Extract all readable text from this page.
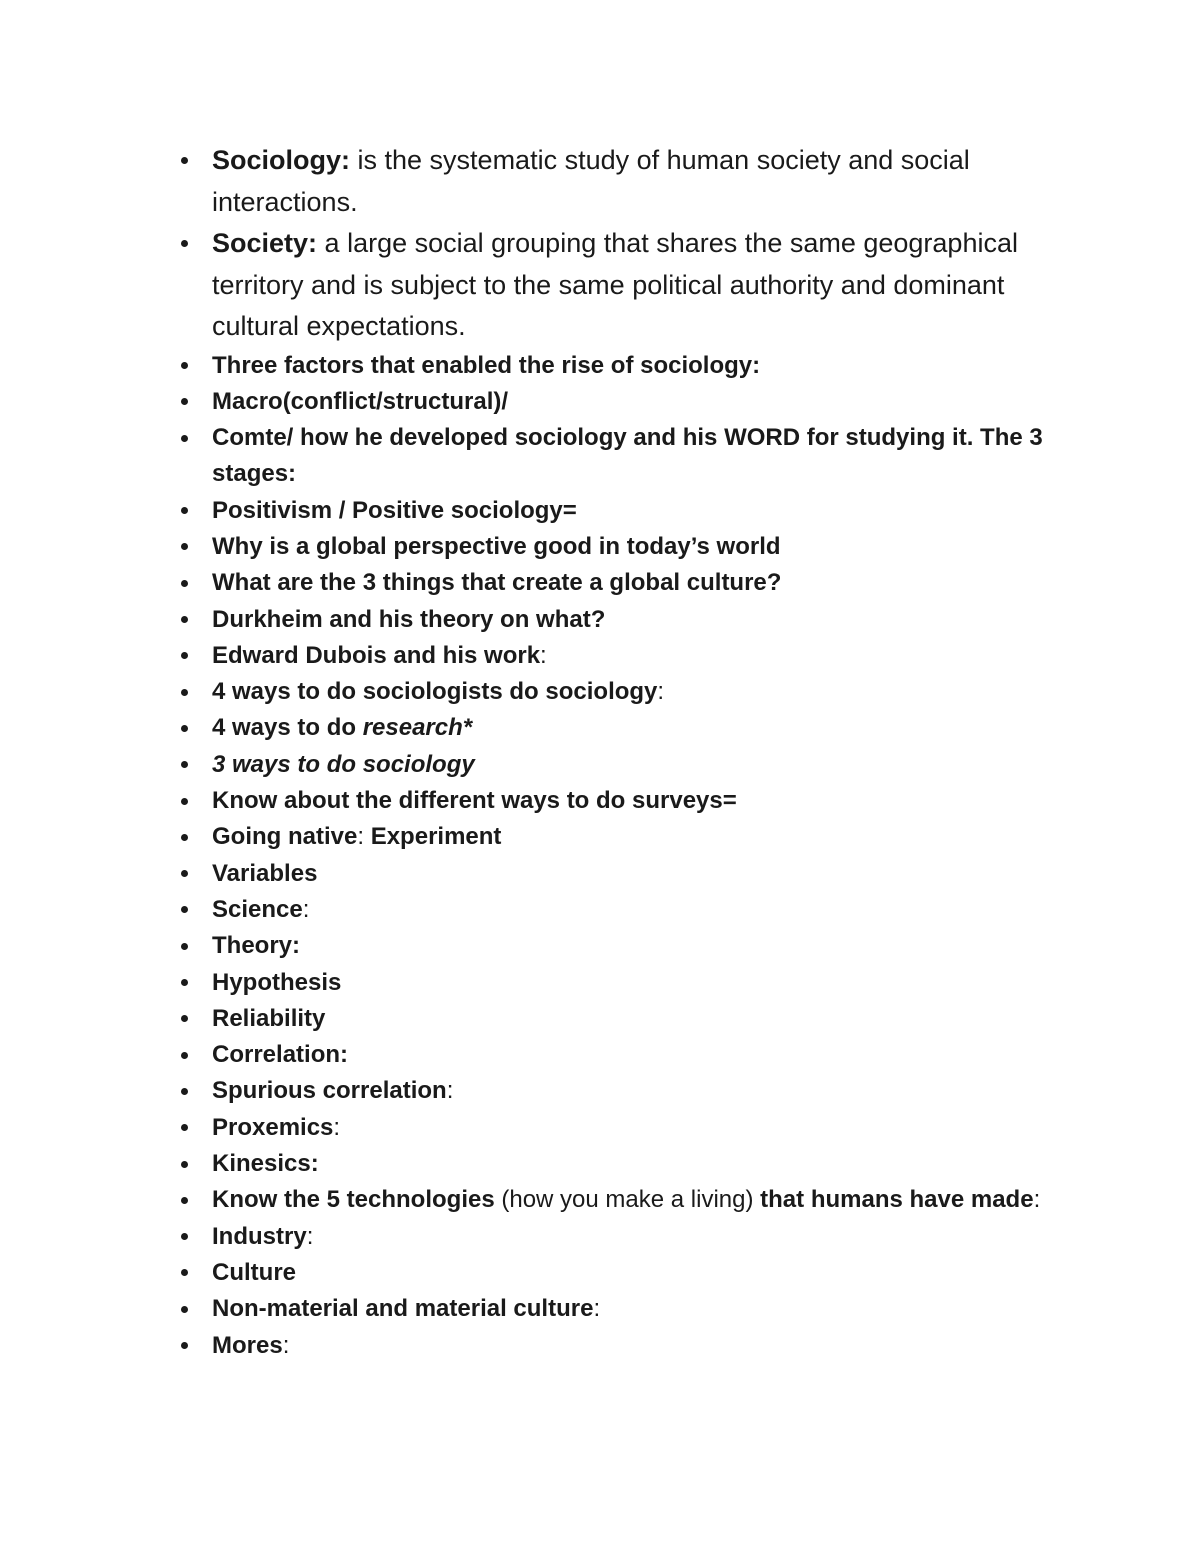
Sociology: is the systematic study of human society and social interactions.
Society: a large social grouping that shares the same geographical territory and is subject to the same political authority and dominant cultural expectations.
Three factors that enabled the rise of sociology:
Macro(conflict/structural)/
Comte/ how he developed sociology and his WORD for studying it. The 3 stages:
Positivism / Positive sociology=
Why is a global perspective good in today’s world
What are the 3 things that create a global culture?
Durkheim and his theory on what?
Edward Dubois and his work:
4 ways to do sociologists do sociology:
4 ways to do research*
3 ways to do sociology
Know about the different ways to do surveys=
Going native: Experiment
Variables
Science:
Theory:
Hypothesis
Reliability
Correlation:
Spurious correlation:
Proxemics:
Kinesics:
Know the 5 technologies (how you make a living) that humans have made:
Industry:
Culture
Non-material and material culture:
Mores:
